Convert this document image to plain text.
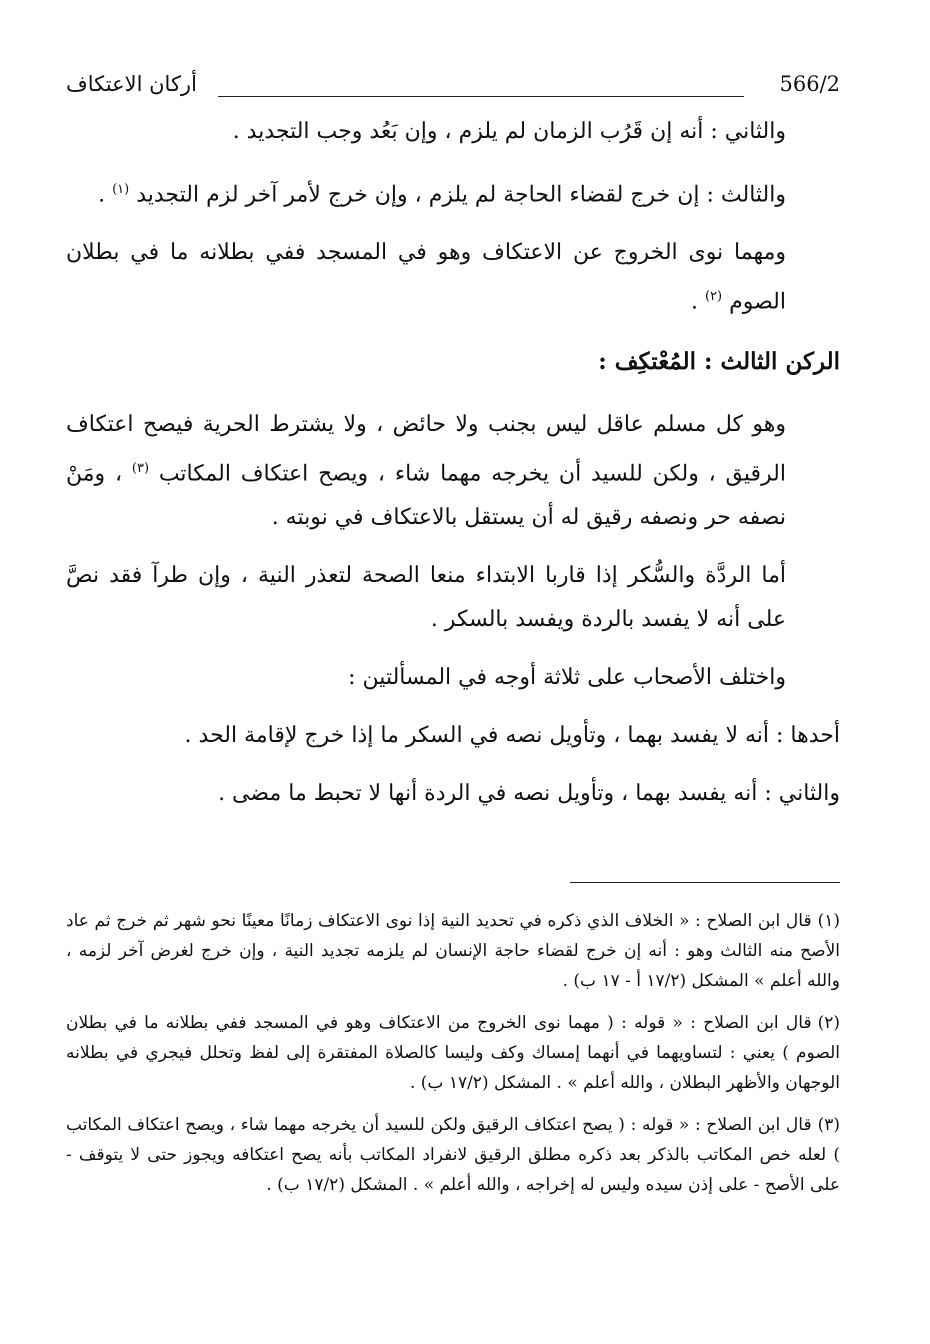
566/2
أركان الاعتكاف

والثاني : أنه إن قَرُب الزمان لم يلزم ، وإن بَعُد وجب التجديد .

والثالث : إن خرج لقضاء الحاجة لم يلزم ، وإن خرج لأمر آخر لزم التجديد $^{(١)}$ .

ومهما نوى الخروج عن الاعتكاف وهو في المسجد ففي بطلانه ما في بطلان الصوم $^{(٢)}$ .

الركن الثالث : المُعْتكِف :

وهو كل مسلم عاقل ليس بجنب ولا حائض ، ولا يشترط الحرية فيصح اعتكاف الرقيق ، ولكن للسيد أن يخرجه مهما شاء ، ويصح اعتكاف المكاتب $^{(٣)}$ ، ومَنْ نصفه حر ونصفه رقيق له أن يستقل بالاعتكاف في نوبته .

أما الردَّة والسُّكر إذا قاربا الابتداء منعا الصحة لتعذر النية ، وإن طرآ فقد نصَّ على أنه لا يفسد بالردة ويفسد بالسكر .

واختلف الأصحاب على ثلاثة أوجه في المسألتين :

أحدها : أنه لا يفسد بهما ، وتأويل نصه في السكر ما إذا خرج لإقامة الحد .

والثاني : أنه يفسد بهما ، وتأويل نصه في الردة أنها لا تحبط ما مضى .

(١)قال ابن الصلاح : « الخلاف الذي ذكره في تحديد النية إذا نوى الاعتكاف زمانًا معينًا نحو شهر ثم خرج ثم عاد الأصح منه الثالث وهو : أنه إن خرج لقضاء حاجة الإنسان لم يلزمه تجديد النية ، وإن خرج لغرض آخر لزمه ، والله أعلم » المشكل (١٧/٢ أ - ١٧ ب) .

(٢)قال ابن الصلاح : « قوله : ( مهما نوى الخروج من الاعتكاف وهو في المسجد ففي بطلانه ما في بطلان الصوم ) يعني : لتساويهما في أنهما إمساك وكف وليسا كالصلاة المفتقرة إلى لفظ وتحلل فيجري في بطلانه الوجهان والأظهر البطلان ، والله أعلم » . المشكل (١٧/٢ ب) .

(٣)قال ابن الصلاح : « قوله : ( يصح اعتكاف الرقيق ولكن للسيد أن يخرجه مهما شاء ، ويصح اعتكاف المكاتب ) لعله خص المكاتب بالذكر بعد ذكره مطلق الرقيق لانفراد المكاتب بأنه يصح اعتكافه ويجوز حتى لا يتوقف - على الأصح - على إذن سيده وليس له إخراجه ، والله أعلم » . المشكل (١٧/٢ ب) .
